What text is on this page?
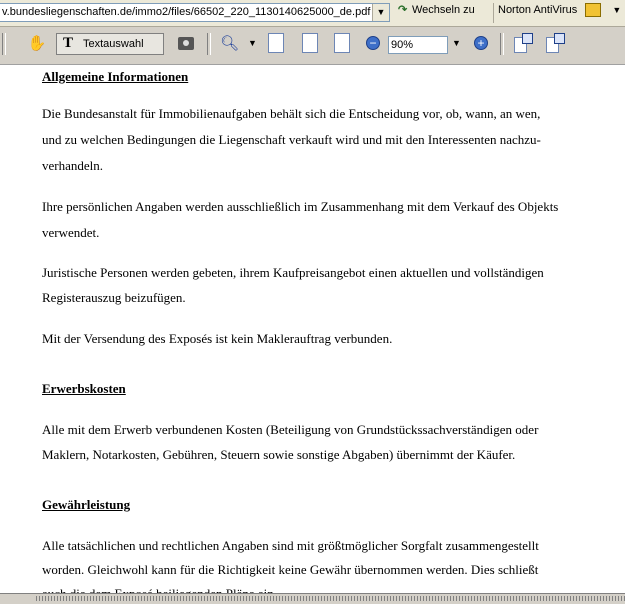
v.bundesliegenschaften.de/immo2/files/66502_220_1130140625000_de.pdf ▼	↷ Wechseln zu	Norton AntiVirus	▼
✋ T Textauswahl	🔍︎ ▼	−	90%	▼ +
Allgemeine Informationen
Die Bundesanstalt für Immobilienaufgaben behält sich die Entscheidung vor, ob, wann, an wen,
und zu welchen Bedingungen die Liegenschaft verkauft wird und mit den Interessenten nachzu-
verhandeln.
Ihre persönlichen Angaben werden ausschließlich im Zusammenhang mit dem Verkauf des Objekts
verwendet.
Juristische Personen werden gebeten, ihrem Kaufpreisangebot einen aktuellen und vollständigen
Registerauszug beizufügen.
Mit der Versendung des Exposés ist kein Maklerauftrag verbunden.
Erwerbskosten
Alle mit dem Erwerb verbundenen Kosten (Beteiligung von Grundstückssachverständigen oder
Maklern, Notarkosten, Gebühren, Steuern sowie sonstige Abgaben) übernimmt der Käufer.
Gewährleistung
Alle tatsächlichen und rechtlichen Angaben sind mit größtmöglicher Sorgfalt zusammengestellt
worden. Gleichwohl kann für die Richtigkeit keine Gewähr übernommen werden. Dies schließt
